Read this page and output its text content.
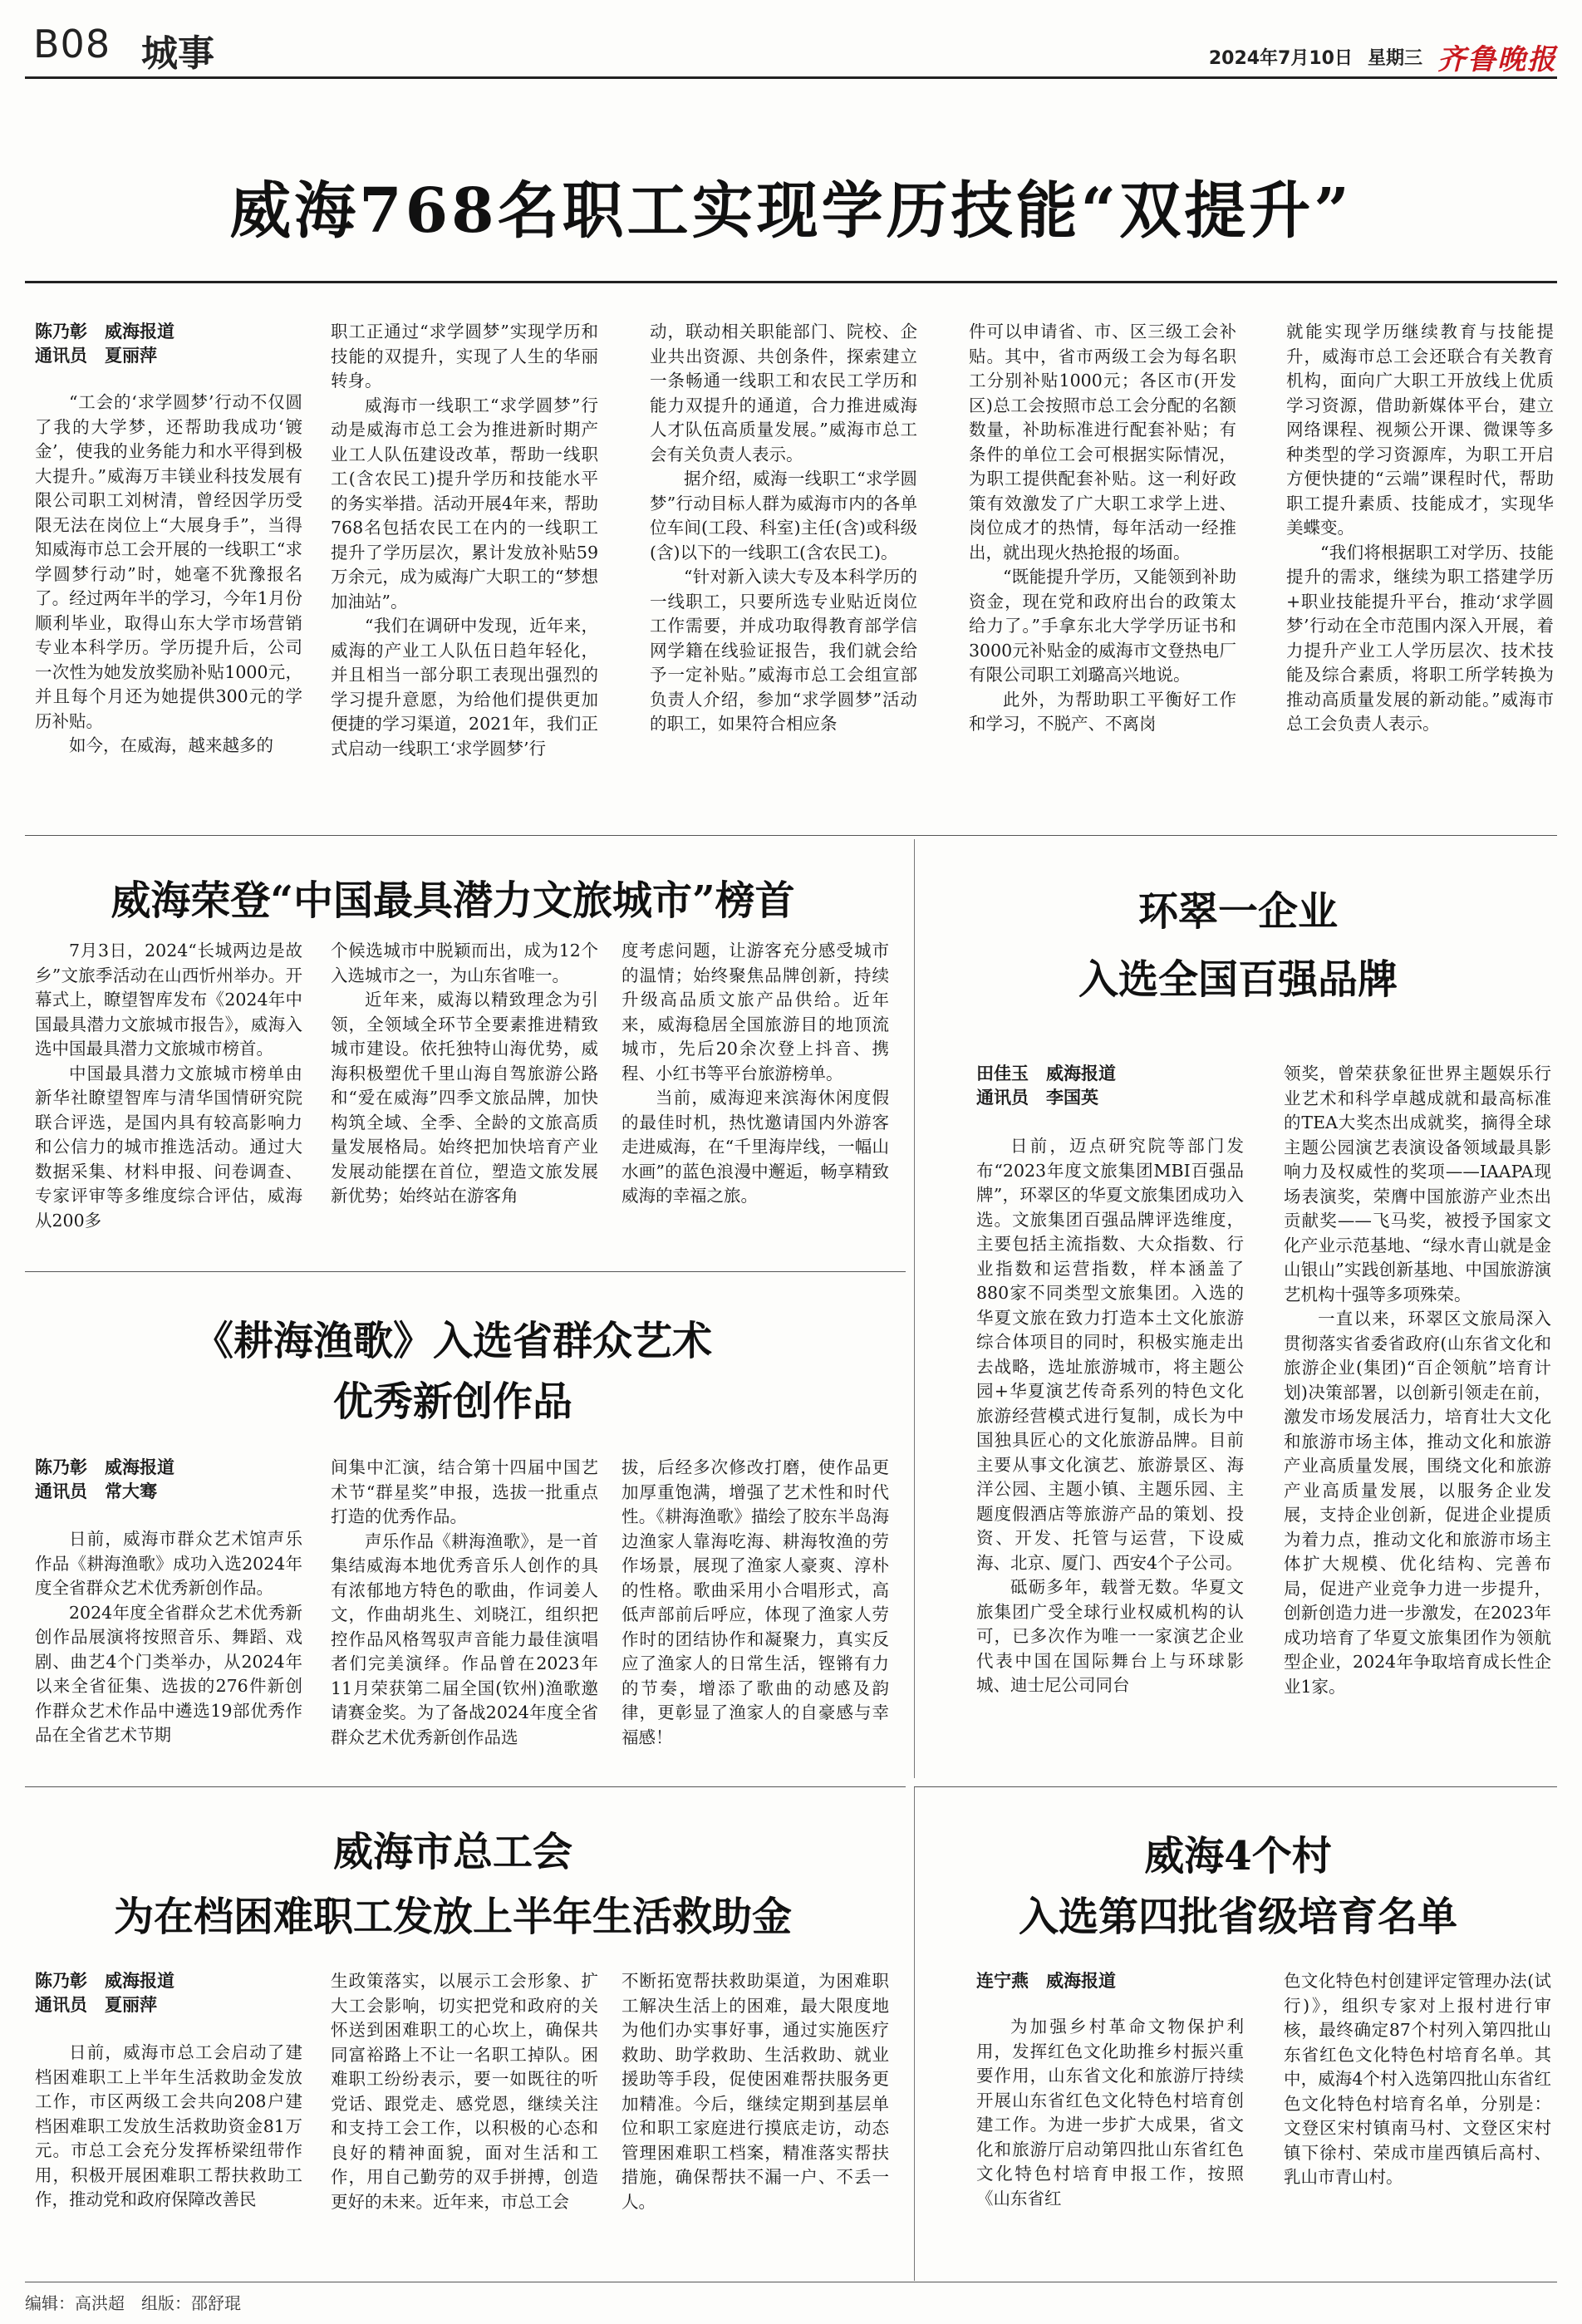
B08 城事	2024年7月10日 星期三 齐鲁晚报
威海768名职工实现学历技能“双提升”
陈乃彰　威海报道
通讯员　夏丽萍

“工会的‘求学圆梦’行动不仅圆了我的大学梦，还帮助我成功‘镀金’，使我的业务能力和水平得到极大提升。”威海万丰镁业科技发展有限公司职工刘树清，曾经因学历受限无法在岗位上“大展身手”，当得知威海市总工会开展的一线职工“求学圆梦行动”时，她毫不犹豫报名了。经过两年半的学习，今年1月份顺利毕业，取得山东大学市场营销专业本科学历。学历提升后，公司一次性为她发放奖励补贴1000元，并且每个月还为她提供300元的学历补贴。

如今，在威海，越来越多的

职工正通过“求学圆梦”实现学历和技能的双提升，实现了人生的华丽转身。

威海市一线职工“求学圆梦”行动是威海市总工会为推进新时期产业工人队伍建设改革，帮助一线职工(含农民工)提升学历和技能水平的务实举措。活动开展4年来，帮助768名包括农民工在内的一线职工提升了学历层次，累计发放补贴59万余元，成为威海广大职工的“梦想加油站”。

“我们在调研中发现，近年来，威海的产业工人队伍日趋年轻化，并且相当一部分职工表现出强烈的学习提升意愿，为给他们提供更加便捷的学习渠道，2021年，我们正式启动一线职工‘求学圆梦’行

动，联动相关职能部门、院校、企业共出资源、共创条件，探索建立一条畅通一线职工和农民工学历和能力双提升的通道，合力推进威海人才队伍高质量发展。”威海市总工会有关负责人表示。

据介绍，威海一线职工“求学圆梦”行动目标人群为威海市内的各单位车间(工段、科室)主任(含)或科级(含)以下的一线职工(含农民工)。

“针对新入读大专及本科学历的一线职工，只要所选专业贴近岗位工作需要，并成功取得教育部学信网学籍在线验证报告，我们就会给予一定补贴。”威海市总工会组宣部负责人介绍，参加“求学圆梦”活动的职工，如果符合相应条

件可以申请省、市、区三级工会补贴。其中，省市两级工会为每名职工分别补贴1000元；各区市(开发区)总工会按照市总工会分配的名额数量，补助标准进行配套补贴；有条件的单位工会可根据实际情况，为职工提供配套补贴。这一利好政策有效激发了广大职工求学上进、岗位成才的热情，每年活动一经推出，就出现火热抢报的场面。

“既能提升学历，又能领到补助资金，现在党和政府出台的政策太给力了。”手拿东北大学学历证书和3000元补贴金的威海市文登热电厂有限公司职工刘璐高兴地说。

此外，为帮助职工平衡好工作和学习，不脱产、不离岗

就能实现学历继续教育与技能提升，威海市总工会还联合有关教育机构，面向广大职工开放线上优质学习资源，借助新媒体平台，建立网络课程、视频公开课、微课等多种类型的学习资源库，为职工开启方便快捷的“云端”课程时代，帮助职工提升素质、技能成才，实现华美蝶变。

“我们将根据职工对学历、技能提升的需求，继续为职工搭建学历+职业技能提升平台，推动‘求学圆梦’行动在全市范围内深入开展，着力提升产业工人学历层次、技术技能及综合素质，将职工所学转换为推动高质量发展的新动能。”威海市总工会负责人表示。

威海荣登“中国最具潜力文旅城市”榜首

7月3日，2024“长城两边是故乡”文旅季活动在山西忻州举办。开幕式上，瞭望智库发布《2024年中国最具潜力文旅城市报告》，威海入选中国最具潜力文旅城市榜首。

中国最具潜力文旅城市榜单由新华社瞭望智库与清华国情研究院联合评选，是国内具有较高影响力和公信力的城市推选活动。通过大数据采集、材料申报、问卷调查、专家评审等多维度综合评估，威海从200多

个候选城市中脱颖而出，成为12个入选城市之一，为山东省唯一。

近年来，威海以精致理念为引领，全领域全环节全要素推进精致城市建设。依托独特山海优势，威海积极塑优千里山海自驾旅游公路和“爱在威海”四季文旅品牌，加快构筑全域、全季、全龄的文旅高质量发展格局。始终把加快培育产业发展动能摆在首位，塑造文旅发展新优势；始终站在游客角

度考虑问题，让游客充分感受城市的温情；始终聚焦品牌创新，持续升级高品质文旅产品供给。近年来，威海稳居全国旅游目的地顶流城市，先后20余次登上抖音、携程、小红书等平台旅游榜单。

当前，威海迎来滨海休闲度假的最佳时机，热忱邀请国内外游客走进威海，在“千里海岸线，一幅山水画”的蓝色浪漫中邂逅，畅享精致威海的幸福之旅。

《耕海渔歌》入选省群众艺术
优秀新创作品
陈乃彰　威海报道
通讯员　常大骞

日前，威海市群众艺术馆声乐作品《耕海渔歌》成功入选2024年度全省群众艺术优秀新创作品。

2024年度全省群众艺术优秀新创作品展演将按照音乐、舞蹈、戏剧、曲艺4个门类举办，从2024年以来全省征集、选拔的276件新创作群众艺术作品中遴选19部优秀作品在全省艺术节期

间集中汇演，结合第十四届中国艺术节“群星奖”申报，选拔一批重点打造的优秀作品。

声乐作品《耕海渔歌》，是一首集结威海本地优秀音乐人创作的具有浓郁地方特色的歌曲，作词姜人文，作曲胡兆生、刘晓江，组织把控作品风格驾驭声音能力最佳演唱者们完美演绎。作品曾在2023年11月荣获第二届全国(钦州)渔歌邀请赛金奖。为了备战2024年度全省群众艺术优秀新创作品选

拔，后经多次修改打磨，使作品更加厚重饱满，增强了艺术性和时代性。《耕海渔歌》描绘了胶东半岛海边渔家人靠海吃海、耕海牧渔的劳作场景，展现了渔家人豪爽、淳朴的性格。歌曲采用小合唱形式，高低声部前后呼应，体现了渔家人劳作时的团结协作和凝聚力，真实反应了渔家人的日常生活，铿锵有力的节奏，增添了歌曲的动感及韵律，更彰显了渔家人的自豪感与幸福感！

环翠一企业
入选全国百强品牌
田佳玉　威海报道
通讯员　李国英

日前，迈点研究院等部门发布“2023年度文旅集团MBI百强品牌”，环翠区的华夏文旅集团成功入选。文旅集团百强品牌评选维度，主要包括主流指数、大众指数、行业指数和运营指数，样本涵盖了880家不同类型文旅集团。入选的华夏文旅在致力打造本土文化旅游综合体项目的同时，积极实施走出去战略，选址旅游城市，将主题公园+华夏演艺传奇系列的特色文化旅游经营模式进行复制，成长为中国独具匠心的文化旅游品牌。目前主要从事文化演艺、旅游景区、海洋公园、主题小镇、主题乐园、主题度假酒店等旅游产品的策划、投资、开发、托管与运营，下设威海、北京、厦门、西安4个子公司。

砥砺多年，载誉无数。华夏文旅集团广受全球行业权威机构的认可，已多次作为唯一一家演艺企业代表中国在国际舞台上与环球影城、迪士尼公司同台

领奖，曾荣获象征世界主题娱乐行业艺术和科学卓越成就和最高标准的TEA大奖杰出成就奖，摘得全球主题公园演艺表演设备领域最具影响力及权威性的奖项——IAAPA现场表演奖，荣膺中国旅游产业杰出贡献奖——飞马奖，被授予国家文化产业示范基地、“绿水青山就是金山银山”实践创新基地、中国旅游演艺机构十强等多项殊荣。

一直以来，环翠区文旅局深入贯彻落实省委省政府(山东省文化和旅游企业(集团)“百企领航”培育计划)决策部署，以创新引领走在前，激发市场发展活力，培育壮大文化和旅游市场主体，推动文化和旅游产业高质量发展，围绕文化和旅游产业高质量发展，以服务企业发展，支持企业创新，促进企业提质为着力点，推动文化和旅游市场主体扩大规模、优化结构、完善布局，促进产业竞争力进一步提升，创新创造力进一步激发，在2023年成功培育了华夏文旅集团作为领航型企业，2024年争取培育成长性企业1家。

威海市总工会
为在档困难职工发放上半年生活救助金
陈乃彰　威海报道
通讯员　夏丽萍

日前，威海市总工会启动了建档困难职工上半年生活救助金发放工作，市区两级工会共向208户建档困难职工发放生活救助资金81万元。市总工会充分发挥桥梁纽带作用，积极开展困难职工帮扶救助工作，推动党和政府保障改善民

生政策落实，以展示工会形象、扩大工会影响，切实把党和政府的关怀送到困难职工的心坎上，确保共同富裕路上不让一名职工掉队。困难职工纷纷表示，要一如既往的听党话、跟党走、感党恩，继续关注和支持工会工作，以积极的心态和良好的精神面貌，面对生活和工作，用自己勤劳的双手拼搏，创造更好的未来。近年来，市总工会

不断拓宽帮扶救助渠道，为困难职工解决生活上的困难，最大限度地为他们办实事好事，通过实施医疗救助、助学救助、生活救助、就业援助等手段，促使困难帮扶服务更加精准。今后，继续定期到基层单位和职工家庭进行摸底走访，动态管理困难职工档案，精准落实帮扶措施，确保帮扶不漏一户、不丢一人。

威海4个村
入选第四批省级培育名单
连宁燕　威海报道

为加强乡村革命文物保护利用，发挥红色文化助推乡村振兴重要作用，山东省文化和旅游厅持续开展山东省红色文化特色村培育创建工作。为进一步扩大成果，省文化和旅游厅启动第四批山东省红色文化特色村培育申报工作，按照《山东省红

色文化特色村创建评定管理办法(试行)》，组织专家对上报村进行审核，最终确定87个村列入第四批山东省红色文化特色村培育名单。其中，威海4个村入选第四批山东省红色文化特色村培育名单，分别是：文登区宋村镇南马村、文登区宋村镇下徐村、荣成市崖西镇后高村、乳山市青山村。

编辑：高洪超　组版：邵舒琨
